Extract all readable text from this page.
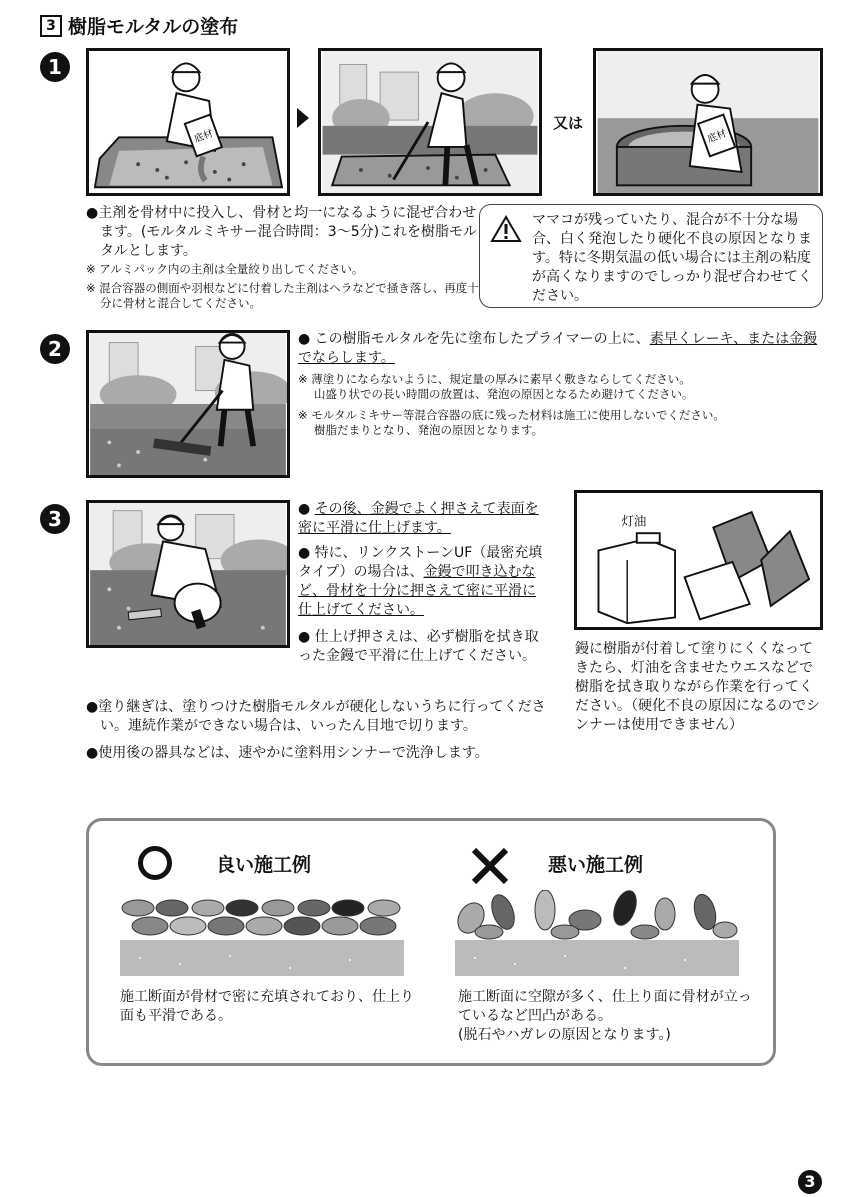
3 樹脂モルタルの塗布
1
底材
又は
底材
●主剤を骨材中に投入し、骨材と均一になるように混ぜ合わせます。(モルタルミキサー混合時間：3～5分)これを樹脂モルタルとします。
※ アルミパック内の主剤は全量絞り出してください。
※ 混合容器の側面や羽根などに付着した主剤はヘラなどで掻き落し、再度十分に骨材と混合してください。
ママコが残っていたり、混合が不十分な場合、白く発泡したり硬化不良の原因となります。特に冬期気温の低い場合には主剤の粘度が高くなりますのでしっかり混ぜ合わせてください。
2	● この樹脂モルタルを先に塗布したプライマーの上に、素早くレーキ、または金鏝でならします。
※ 薄塗りにならないように、規定量の厚みに素早く敷きならしてください。
山盛り状での長い時間の放置は、発泡の原因となるため避けてください。
※ モルタルミキサー等混合容器の底に残った材料は施工に使用しないでください。
樹脂だまりとなり、発泡の原因となります。
3	● その後、金鏝でよく押さえて表面を密に平滑に仕上げます。
● 特に、リンクストーンUF（最密充填タイプ）の場合は、金鏝で叩き込むなど、骨材を十分に押さえて密に平滑に仕上げてください。
● 仕上げ押さえは、必ず樹脂を拭き取った金鏝で平滑に仕上げてください。
灯油
鏝に樹脂が付着して塗りにくくなってきたら、灯油を含ませたウエスなどで樹脂を拭き取りながら作業を行ってください。（硬化不良の原因になるのでシンナーは使用できません）
●塗り継ぎは、塗りつけた樹脂モルタルが硬化しないうちに行ってください。連続作業ができない場合は、いったん目地で切ります。
●使用後の器具などは、速やかに塗料用シンナーで洗浄します。
良い施工例
施工断面が骨材で密に充填されており、仕上り面も平滑である。
悪い施工例
施工断面に空隙が多く、仕上り面に骨材が立っているなど凹凸がある。
(脱石やハガレの原因となります。)
3
